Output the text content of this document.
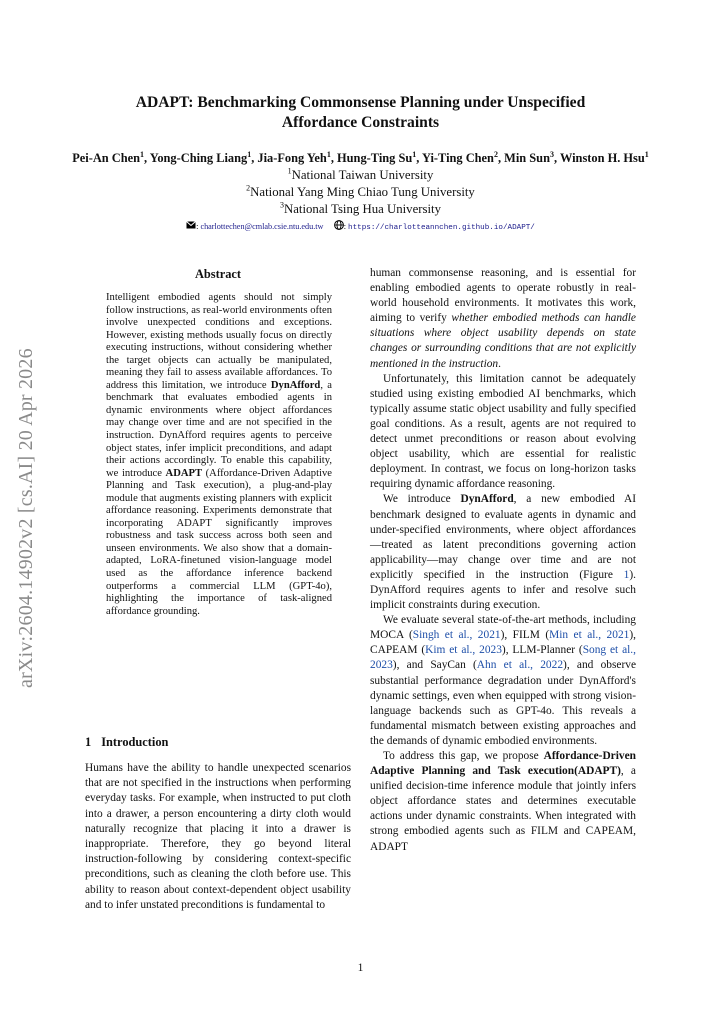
ADAPT: Benchmarking Commonsense Planning under Unspecified
Affordance Constraints
Pei-An Chen$^1$, Yong-Ching Liang$^1$, Jia-Fong Yeh$^1$, Hung-Ting Su$^1$, Yi-Ting Chen$^2$, Min Sun$^3$, Winston H. Hsu$^1$
$^1$National Taiwan University
$^2$National Yang Ming Chiao Tung University
$^3$National Tsing Hua University
: charlottechen@cmlab.csie.ntu.edu.tw : https://charlotteannchen.github.io/ADAPT/
arXiv:2604.14902v2 [cs.AI] 20 Apr 2026
Abstract
Intelligent embodied agents should not simply follow instructions, as real-world environments often involve unexpected conditions and exceptions. However, existing methods usually focus on directly executing instructions, without considering whether the target objects can actually be manipulated, meaning they fail to assess available affordances. To address this limitation, we introduce DynAfford, a benchmark that evaluates embodied agents in dynamic environments where object affordances may change over time and are not specified in the instruction. DynAfford requires agents to perceive object states, infer implicit preconditions, and adapt their actions accordingly. To enable this capability, we introduce ADAPT (Affordance-Driven Adaptive Planning and Task execution), a plug-and-play module that augments existing planners with explicit affordance reasoning. Experiments demonstrate that incorporating ADAPT significantly improves robustness and task success across both seen and unseen environments. We also show that a domain-adapted, LoRA-finetuned vision-language model used as the affordance inference backend outperforms a commercial LLM (GPT-4o), highlighting the importance of task-aligned affordance grounding.
1 Introduction

Humans have the ability to handle unexpected scenarios that are not specified in the instructions when performing everyday tasks. For example, when instructed to put cloth into a drawer, a person encountering a dirty cloth would naturally recognize that placing it into a drawer is inappropriate. Therefore, they go beyond literal instruction-following by considering context-specific preconditions, such as cleaning the cloth before use. This ability to reason about context-dependent object usability and to infer unstated preconditions is fundamental to

human commonsense reasoning, and is essential for enabling embodied agents to operate robustly in real-world household environments. It motivates this work, aiming to verify whether embodied methods can handle situations where object usability depends on state changes or surrounding conditions that are not explicitly mentioned in the instruction.

Unfortunately, this limitation cannot be adequately studied using existing embodied AI benchmarks, which typically assume static object usability and fully specified goal conditions. As a result, agents are not required to detect unmet preconditions or reason about evolving object usability, which are essential for realistic deployment. In contrast, we focus on long-horizon tasks requiring dynamic affordance reasoning.

We introduce DynAfford, a new embodied AI benchmark designed to evaluate agents in dynamic and under-specified environments, where object affordances—treated as latent preconditions governing action applicability—may change over time and are not explicitly specified in the instruction (Figure 1). DynAfford requires agents to infer and resolve such implicit constraints during execution.

We evaluate several state-of-the-art methods, including MOCA (Singh et al., 2021), FILM (Min et al., 2021), CAPEAM (Kim et al., 2023), LLM-Planner (Song et al., 2023), and SayCan (Ahn et al., 2022), and observe substantial performance degradation under DynAfford's dynamic settings, even when equipped with strong vision-language backends such as GPT-4o. This reveals a fundamental mismatch between existing approaches and the demands of dynamic embodied environments.

To address this gap, we propose Affordance-Driven Adaptive Planning and Task execution(ADAPT), a unified decision-time inference module that jointly infers object affordance states and determines executable actions under dynamic constraints. When integrated with strong embodied agents such as FILM and CAPEAM, ADAPT

1
